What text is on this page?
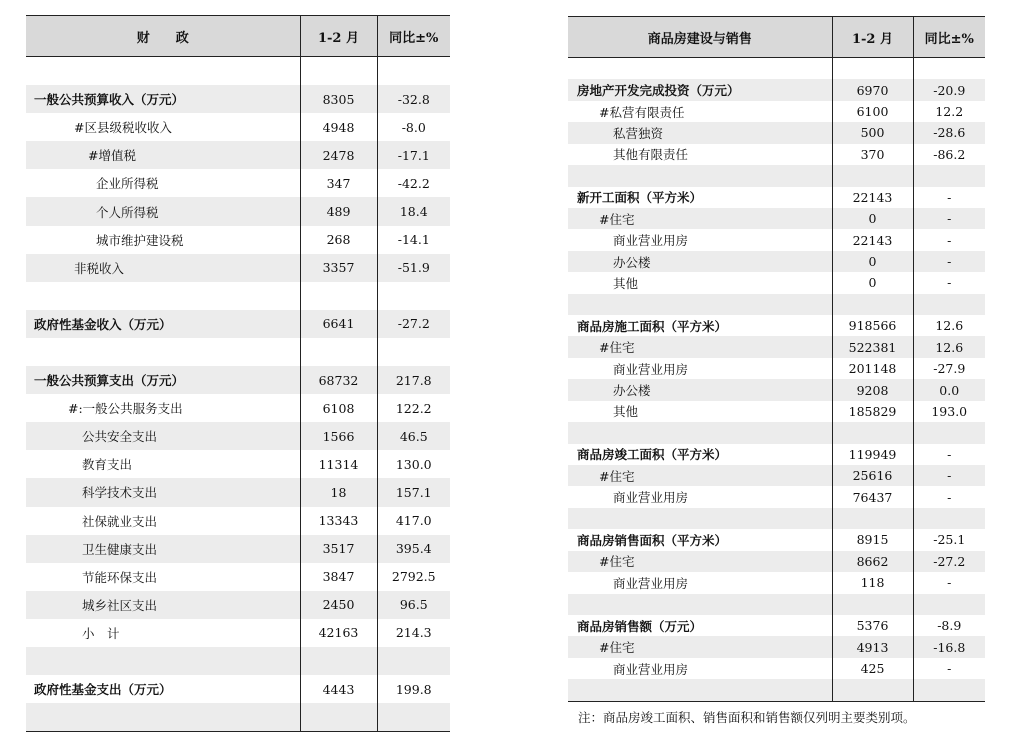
财　　政	1-2 月	同比±%

一般公共预算收入（万元）	8305	-32.8
#区县级税收收入	4948	-8.0
#增值税	2478	-17.1
企业所得税	347	-42.2
个人所得税	489	18.4
城市维护建设税	268	-14.1
非税收入	3357	-51.9

政府性基金收入（万元）	6641	-27.2

一般公共预算支出（万元）	68732	217.8
#:一般公共服务支出	6108	122.2
公共安全支出	1566	46.5
教育支出	11314	130.0
科学技术支出	18	157.1
社保就业支出	13343	417.0
卫生健康支出	3517	395.4
节能环保支出	3847	2792.5
城乡社区支出	2450	96.5
小　计	42163	214.3

政府性基金支出（万元）	4443	199.8

商品房建设与销售	1-2 月	同比±%

房地产开发完成投资（万元）	6970	-20.9
#私营有限责任	6100	12.2
私营独资	500	-28.6
其他有限责任	370	-86.2

新开工面积（平方米）	22143	-
#住宅	0	-
商业营业用房	22143	-
办公楼	0	-
其他	0	-

商品房施工面积（平方米）	918566	12.6
#住宅	522381	12.6
商业营业用房	201148	-27.9
办公楼	9208	0.0
其他	185829	193.0

商品房竣工面积（平方米）	119949	-
#住宅	25616	-
商业营业用房	76437	-

商品房销售面积（平方米）	8915	-25.1
#住宅	8662	-27.2
商业营业用房	118	-

商品房销售额（万元）	5376	-8.9
#住宅	4913	-16.8
商业营业用房	425	-

注：商品房竣工面积、销售面积和销售额仅列明主要类别项。
